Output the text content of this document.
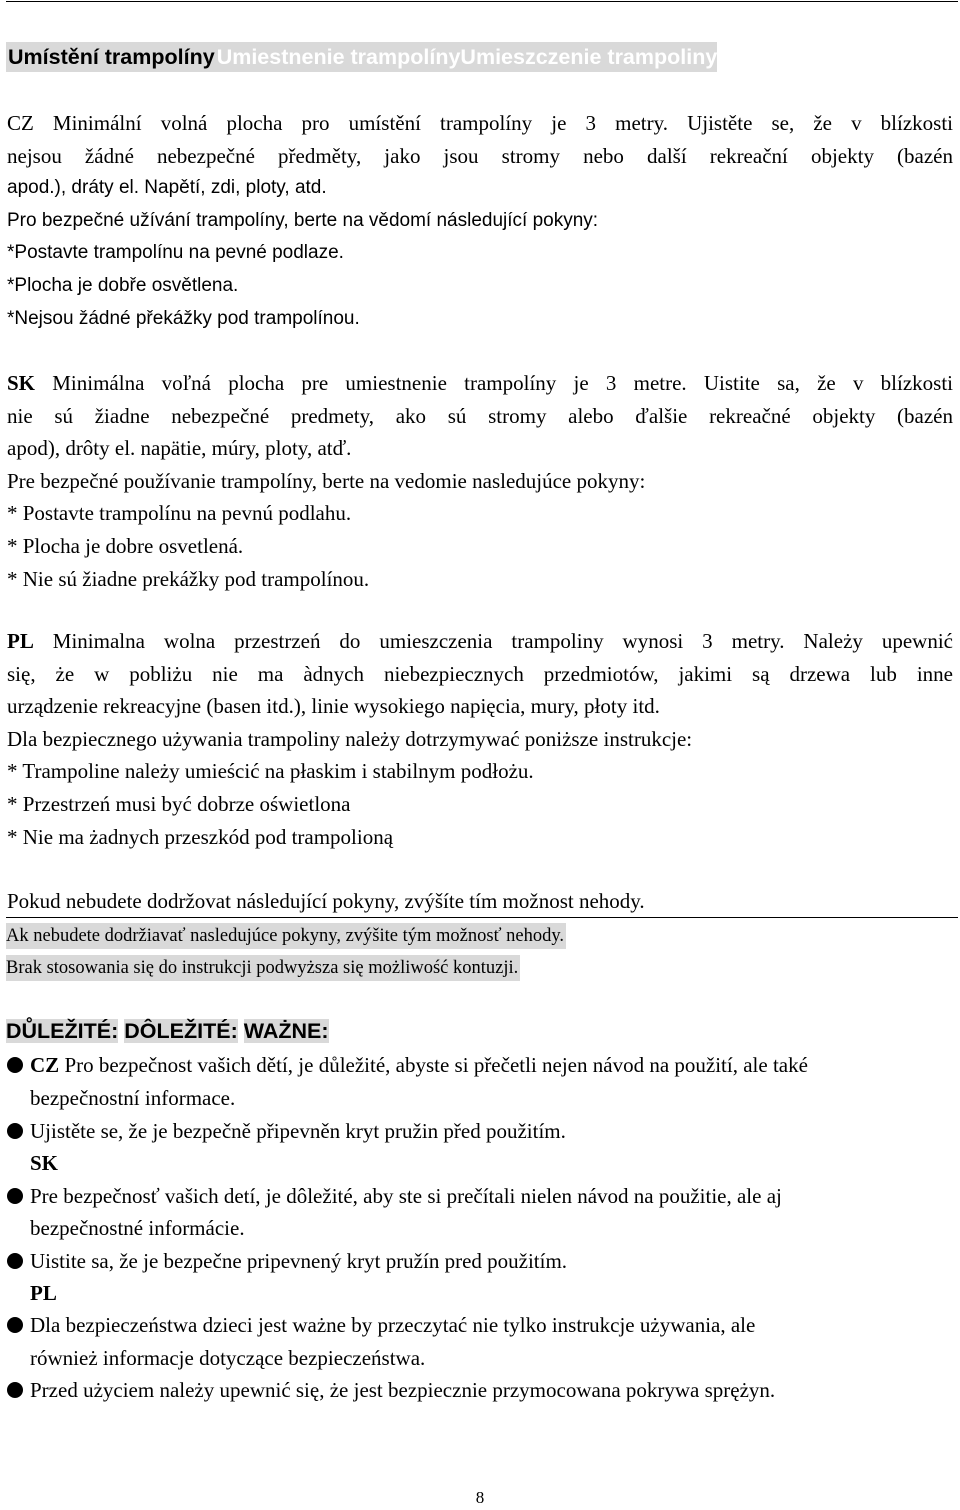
Umístění trampolínyUmiestnenie trampolínyUmieszczenie trampoliny
CZ Minimální volná plocha pro umístění trampolíny je 3 metry. Ujistěte se, že v blízkosti
nejsou žádné nebezpečné předměty, jako jsou stromy nebo další rekreační objekty (bazén
apod.), dráty el. Napětí, zdi, ploty, atd.
Pro bezpečné užívání trampolíny, berte na vědomí následující pokyny:
*Postavte trampolínu na pevné podlaze.
*Plocha je dobře osvětlena.
*Nejsou žádné překážky pod trampolínou.
SK Minimálna voľná plocha pre umiestnenie trampolíny je 3 metre. Uistite sa, že v blízkosti
nie sú žiadne nebezpečné predmety, ako sú stromy alebo ďalšie rekreačné objekty (bazén
apod), drôty el. napätie, múry, ploty, atď.
Pre bezpečné používanie trampolíny, berte na vedomie nasledujúce pokyny:
* Postavte trampolínu na pevnú podlahu.
* Plocha je dobre osvetlená.
* Nie sú žiadne prekážky pod trampolínou.
PL Minimalna wolna przestrzeń do umieszczenia trampoliny wynosi 3 metry. Należy upewnić
się, że w pobliżu nie ma àdnych niebezpiecznych przedmiotów, jakimi są drzewa lub inne
urządzenie rekreacyjne (basen itd.), linie wysokiego napięcia, mury, płoty itd.
Dla bezpiecznego używania trampoliny należy dotrzymywać poniższe instrukcje:
* Trampoline należy umieścić na płaskim i stabilnym podłożu.
* Przestrzeń musi być dobrze oświetlona
* Nie ma żadnych przeszkód pod trampolioną
Pokud nebudete dodržovat následující pokyny, zvýšíte tím možnost nehody.
Ak nebudete dodržiavať nasledujúce pokyny, zvýšite tým možnosť nehody.
Brak stosowania się do instrukcji podwyższa się możliwość kontuzji.
DŮLEŽITÉ: DÔLEŽITÉ: WAŻNE:
CZ Pro bezpečnost vašich dětí, je důležité, abyste si přečetli nejen návod na použití, ale také
bezpečnostní informace.
Ujistěte se, že je bezpečně připevněn kryt pružin před použitím.
SK
Pre bezpečnosť vašich detí, je dôležité, aby ste si prečítali nielen návod na použitie, ale aj
bezpečnostné informácie.
Uistite sa, že je bezpečne pripevnený kryt pružín pred použitím.
PL
Dla bezpieczeństwa dzieci jest ważne by przeczytać nie tylko instrukcje używania, ale
również informacje dotyczące bezpieczeństwa.
Przed użyciem należy upewnić się, że jest bezpiecznie przymocowana pokrywa sprężyn.
8
